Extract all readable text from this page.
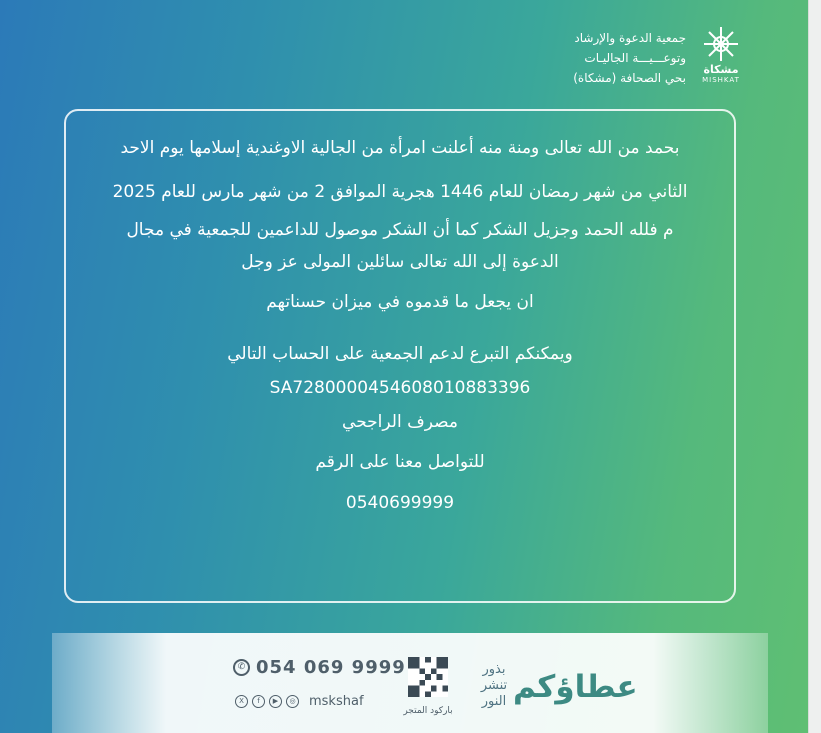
جمعية الدعوة والإرشاد
وتوعـــيـــة الجاليـات
بحي الصحافة (مشكاة)
مشكاة
MISHKAT
بحمد من الله تعالى ومنة منه أعلنت امرأة من الجالية الاوغندية إسلامها يوم الاحد
الثاني من شهر رمضان للعام 1446 هجرية الموافق 2 من شهر مارس للعام 2025
م فلله الحمد وجزيل الشكر كما أن الشكر موصول للداعمين للجمعية في مجال
الدعوة إلى الله تعالى سائلين المولى عز وجل
ان يجعل ما قدموه في ميزان حسناتهم
ويمكنكم التبرع لدعم الجمعية على الحساب التالي
SA7280000454608010883396
مصرف الراجحي
للتواصل معنا على الرقم
0540699999
✆ 054 069 9999
X	f	▶	◎ mskshaf
باركود المتجر
بذور
تنشر
النور عطاؤكم
